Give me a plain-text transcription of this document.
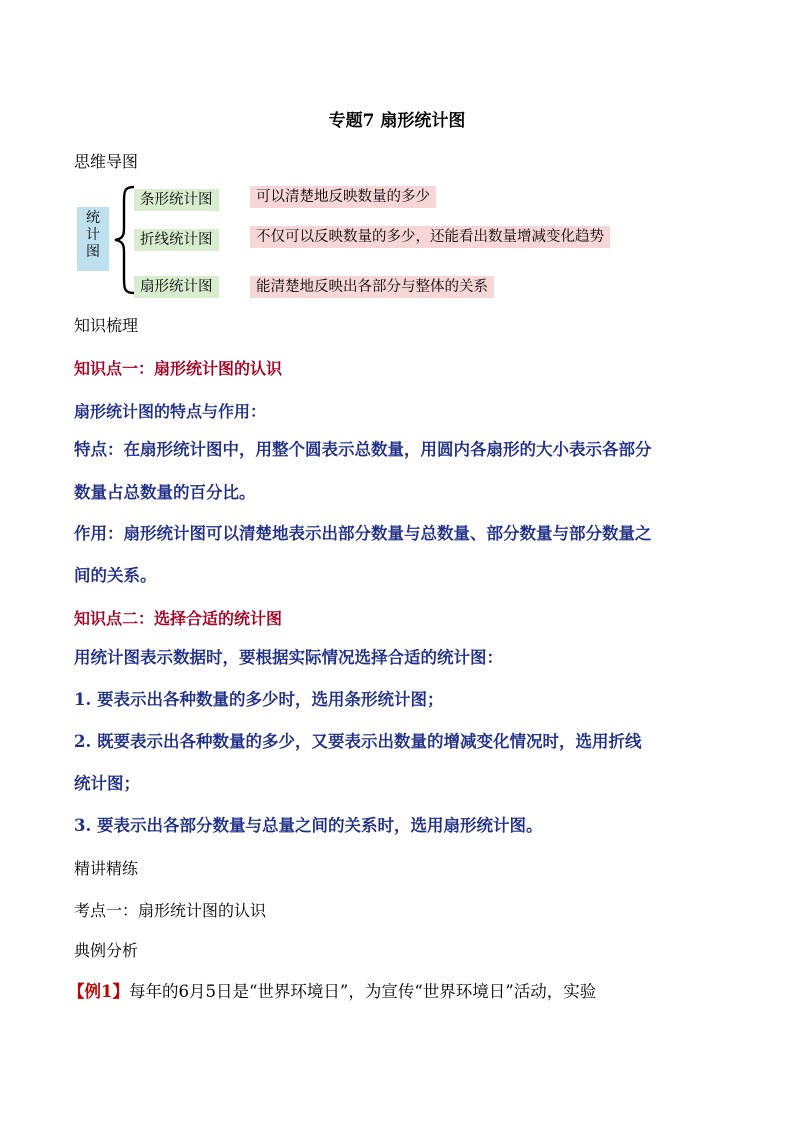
专题7 扇形统计图
思维导图
统
计
图
条形统计图	可以清楚地反映数量的多少
折线统计图	不仅可以反映数量的多少，还能看出数量增减变化趋势
扇形统计图	能清楚地反映出各部分与整体的关系
知识梳理
知识点一：扇形统计图的认识
扇形统计图的特点与作用：
特点：在扇形统计图中，用整个圆表示总数量，用圆内各扇形的大小表示各部分
数量占总数量的百分比。
作用：扇形统计图可以清楚地表示出部分数量与总数量、部分数量与部分数量之
间的关系。
知识点二：选择合适的统计图
用统计图表示数据时，要根据实际情况选择合适的统计图：
1. 要表示出各种数量的多少时，选用条形统计图；
2. 既要表示出各种数量的多少，又要表示出数量的增减变化情况时，选用折线
统计图；
3. 要表示出各部分数量与总量之间的关系时，选用扇形统计图。
精讲精练
考点一：扇形统计图的认识
典例分析
【例1】每年的6月5日是“世界环境日”，为宣传“世界环境日”活动，实验
